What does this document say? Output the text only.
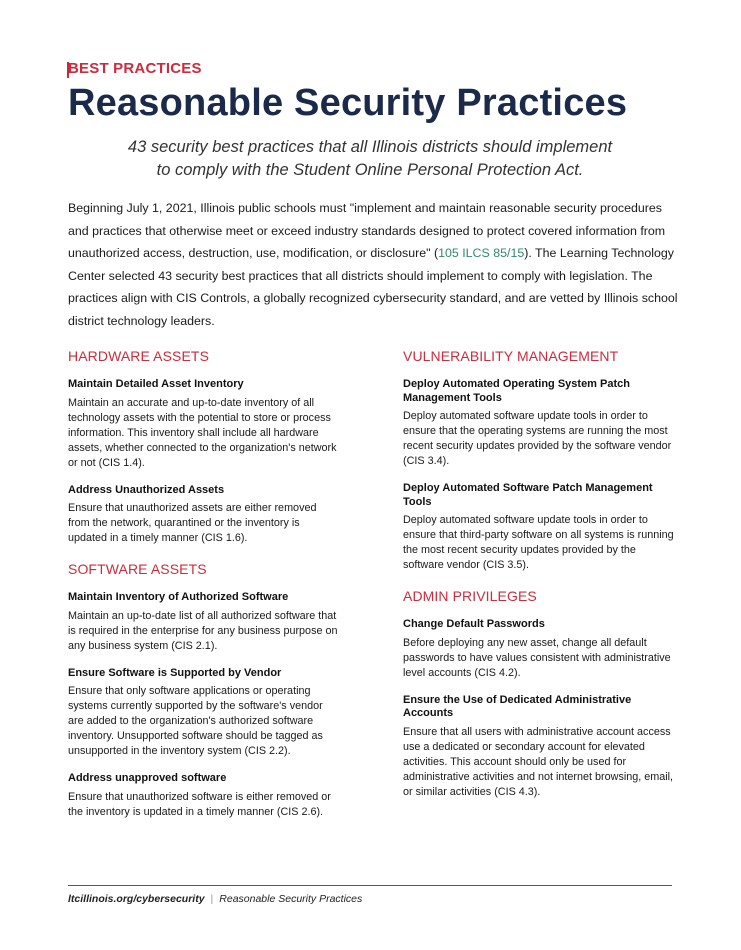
BEST PRACTICES
Reasonable Security Practices
43 security best practices that all Illinois districts should implement
to comply with the Student Online Personal Protection Act.
Beginning July 1, 2021, Illinois public schools must "implement and maintain reasonable security procedures and practices that otherwise meet or exceed industry standards designed to protect covered information from unauthorized access, destruction, use, modification, or disclosure" (105 ILCS 85/15). The Learning Technology Center selected 43 security best practices that all districts should implement to comply with legislation. The practices align with CIS Controls, a globally recognized cybersecurity standard, and are vetted by Illinois school district technology leaders.
HARDWARE ASSETS
Maintain Detailed Asset Inventory
Maintain an accurate and up-to-date inventory of all technology assets with the potential to store or process information. This inventory shall include all hardware assets, whether connected to the organization's network or not (CIS 1.4).
Address Unauthorized Assets
Ensure that unauthorized assets are either removed from the network, quarantined or the inventory is updated in a timely manner (CIS 1.6).
SOFTWARE ASSETS
Maintain Inventory of Authorized Software
Maintain an up-to-date list of all authorized software that is required in the enterprise for any business purpose on any business system (CIS 2.1).
Ensure Software is Supported by Vendor
Ensure that only software applications or operating systems currently supported by the software's vendor are added to the organization's authorized software inventory. Unsupported software should be tagged as unsupported in the inventory system (CIS 2.2).
Address unapproved software
Ensure that unauthorized software is either removed or the inventory is updated in a timely manner (CIS 2.6).
VULNERABILITY MANAGEMENT
Deploy Automated Operating System Patch Management Tools
Deploy automated software update tools in order to ensure that the operating systems are running the most recent security updates provided by the software vendor (CIS 3.4).
Deploy Automated Software Patch Management Tools
Deploy automated software update tools in order to ensure that third-party software on all systems is running the most recent security updates provided by the software vendor (CIS 3.5).
ADMIN PRIVILEGES
Change Default Passwords
Before deploying any new asset, change all default passwords to have values consistent with administrative level accounts (CIS 4.2).
Ensure the Use of Dedicated Administrative Accounts
Ensure that all users with administrative account access use a dedicated or secondary account for elevated activities. This account should only be used for administrative activities and not internet browsing, email, or similar activities (CIS 4.3).
ltcillinois.org/cybersecurity | Reasonable Security Practices
